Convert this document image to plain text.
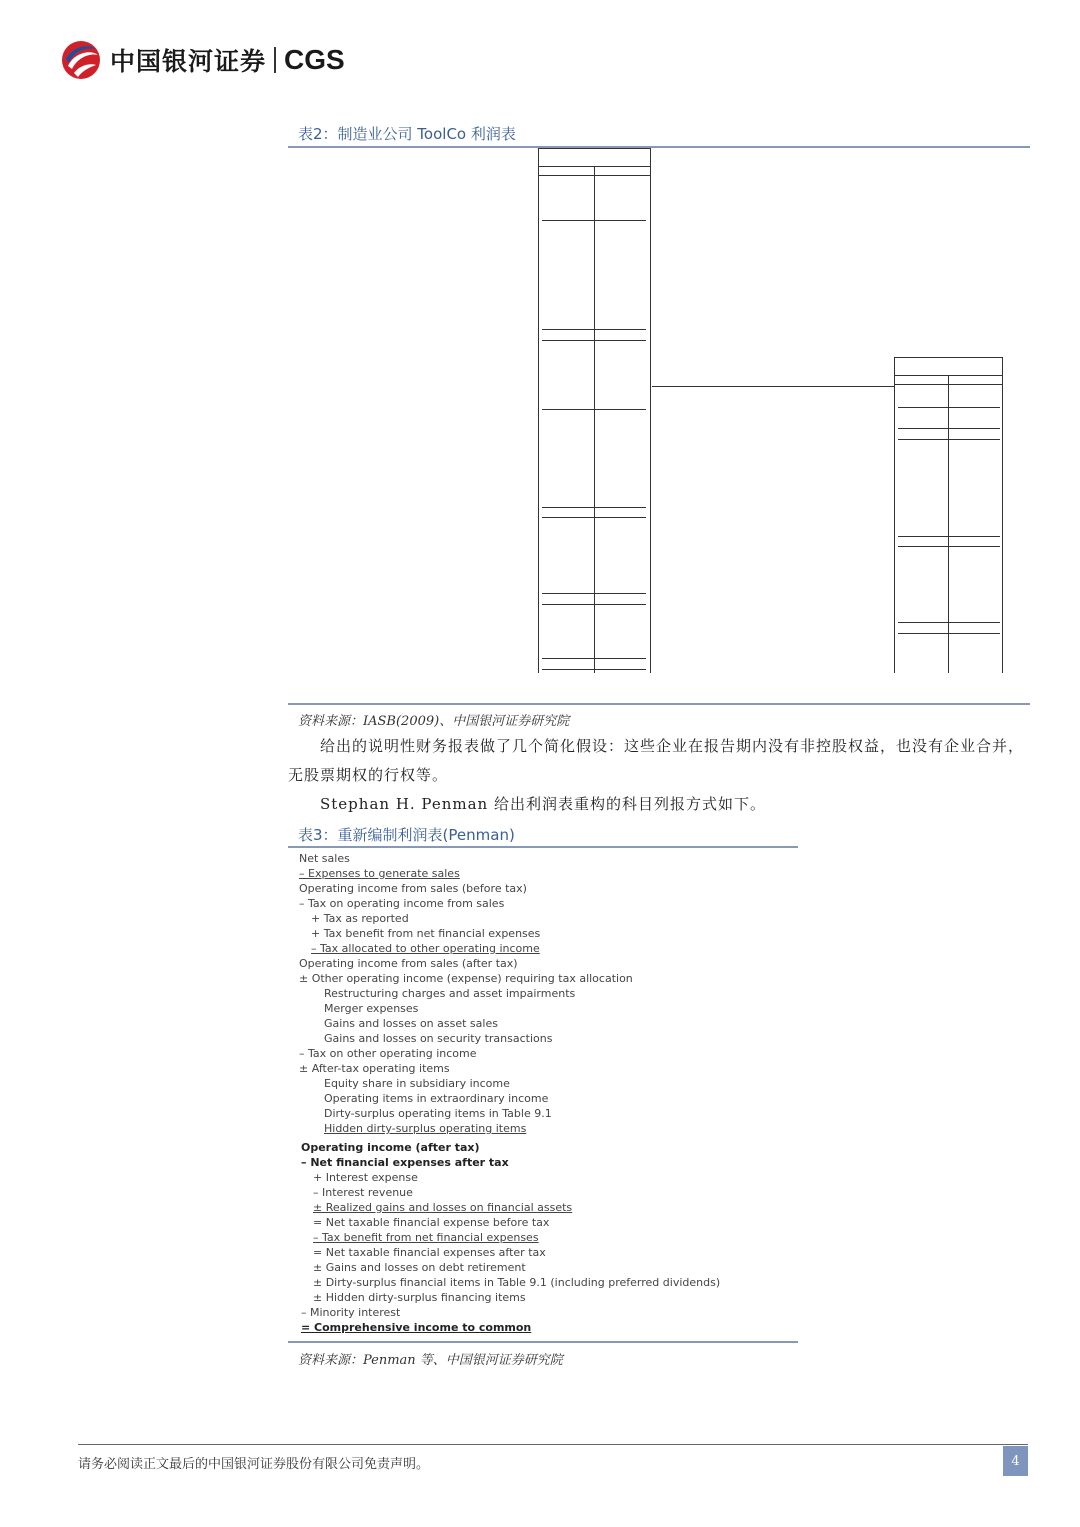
中国银河证券 CGS
表2：制造业公司 ToolCo 利润表
资料来源：IASB(2009)、中国银河证券研究院
给出的说明性财务报表做了几个简化假设：这些企业在报告期内没有非控股权益，也没有企业合并，无股票期权的行权等。
Stephan H. Penman 给出利润表重构的科目列报方式如下。
表3：重新编制利润表(Penman)
Net sales
– Expenses to generate sales
Operating income from sales (before tax)
– Tax on operating income from sales
+ Tax as reported
+ Tax benefit from net financial expenses
– Tax allocated to other operating income
Operating income from sales (after tax)
± Other operating income (expense) requiring tax allocation
Restructuring charges and asset impairments
Merger expenses
Gains and losses on asset sales
Gains and losses on security transactions
– Tax on other operating income
± After-tax operating items
Equity share in subsidiary income
Operating items in extraordinary income
Dirty-surplus operating items in Table 9.1
Hidden dirty-surplus operating items
Operating income (after tax)
– Net financial expenses after tax
+ Interest expense
– Interest revenue
± Realized gains and losses on financial assets
= Net taxable financial expense before tax
– Tax benefit from net financial expenses
= Net taxable financial expenses after tax
± Gains and losses on debt retirement
± Dirty-surplus financial items in Table 9.1 (including preferred dividends)
± Hidden dirty-surplus financing items
– Minority interest
= Comprehensive income to common
资料来源：Penman 等、中国银河证券研究院
请务必阅读正文最后的中国银河证券股份有限公司免责声明。	4
